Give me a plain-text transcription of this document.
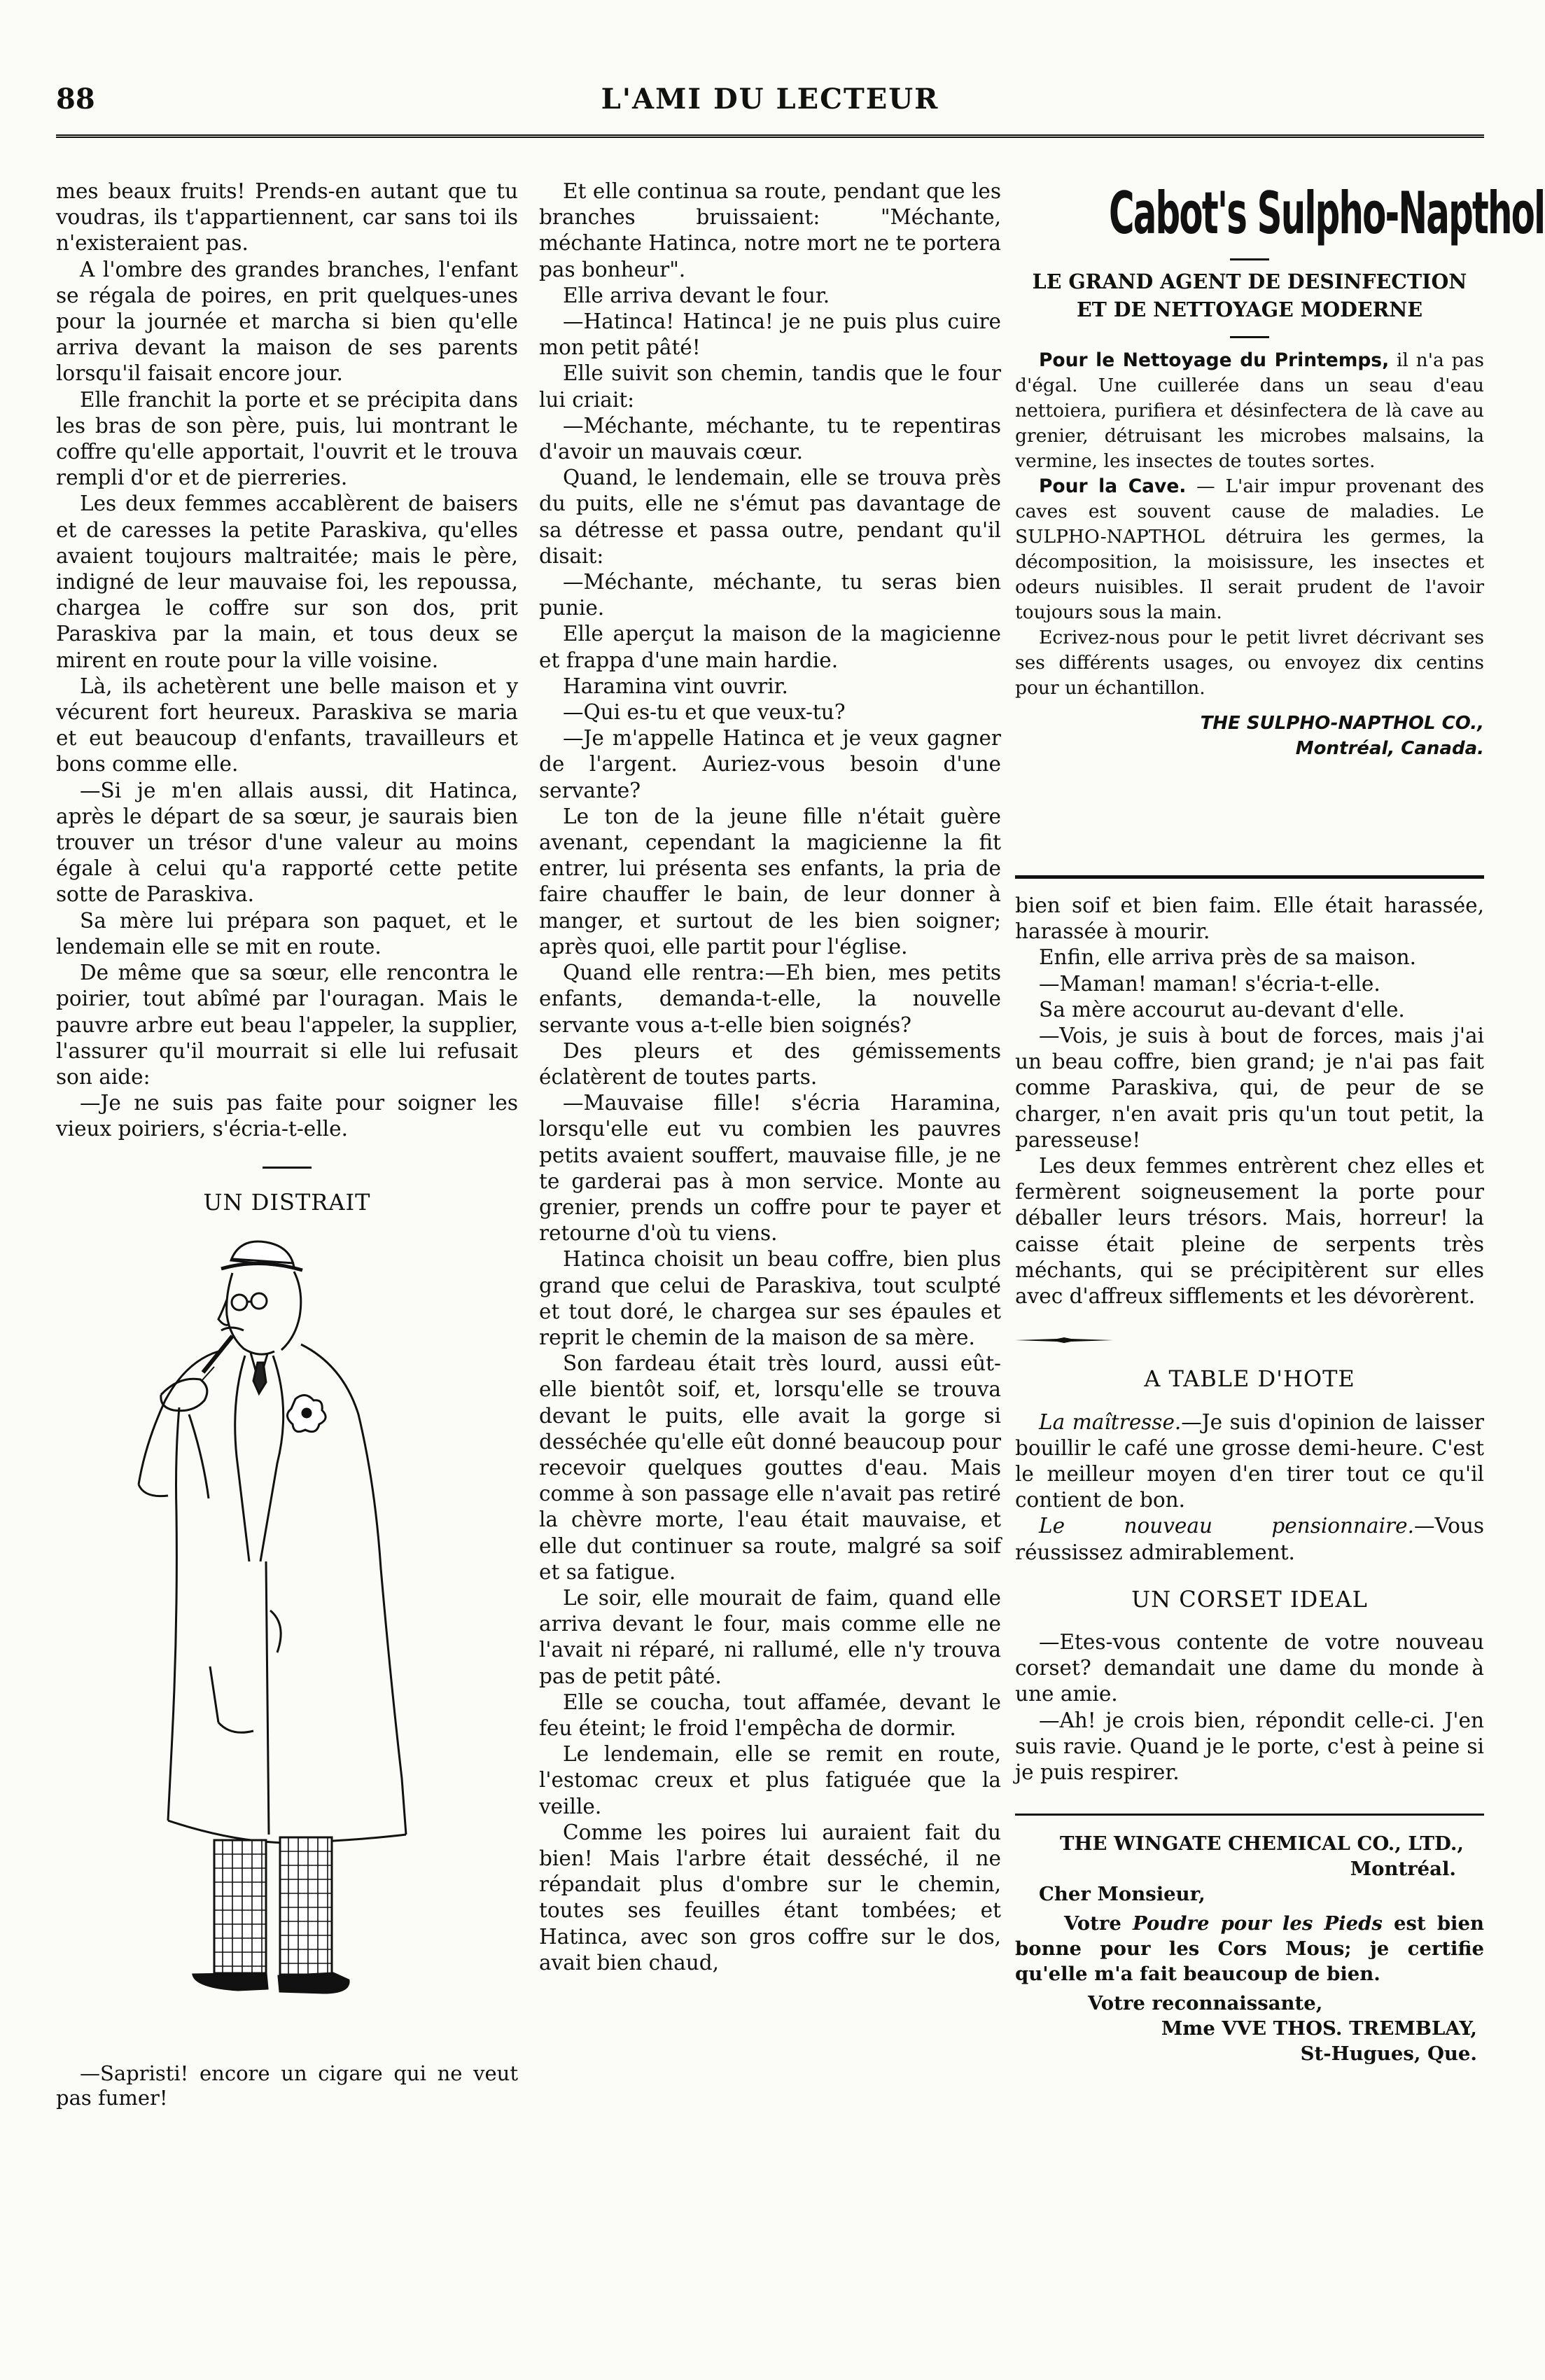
88	L'AMI DU LECTEUR

mes beaux fruits! Prends-en autant que tu voudras, ils t'appartiennent, car sans toi ils n'existeraient pas.

A l'ombre des grandes branches, l'enfant se régala de poires, en prit quelques-unes pour la journée et marcha si bien qu'elle arriva devant la maison de ses parents lorsqu'il faisait encore jour.

Elle franchit la porte et se précipita dans les bras de son père, puis, lui montrant le coffre qu'elle apportait, l'ouvrit et le trouva rempli d'or et de pierreries.

Les deux femmes accablèrent de baisers et de caresses la petite Paraskiva, qu'elles avaient toujours maltraitée; mais le père, indigné de leur mauvaise foi, les repoussa, chargea le coffre sur son dos, prit Paraskiva par la main, et tous deux se mirent en route pour la ville voisine.

Là, ils achetèrent une belle maison et y vécurent fort heureux. Paraskiva se maria et eut beaucoup d'enfants, travailleurs et bons comme elle.

—Si je m'en allais aussi, dit Hatinca, après le départ de sa sœur, je saurais bien trouver un trésor d'une valeur au moins égale à celui qu'a rapporté cette petite sotte de Paraskiva.

Sa mère lui prépara son paquet, et le lendemain elle se mit en route.

De même que sa sœur, elle rencontra le poirier, tout abîmé par l'ouragan. Mais le pauvre arbre eut beau l'appeler, la supplier, l'assurer qu'il mourrait si elle lui refusait son aide:

—Je ne suis pas faite pour soigner les vieux poiriers, s'écria-t-elle.

UN DISTRAIT
—Sapristi! encore un cigare qui ne veut pas fumer!

Et elle continua sa route, pendant que les branches bruissaient: "Méchante, méchante Hatinca, notre mort ne te portera pas bonheur".

Elle arriva devant le four.

—Hatinca! Hatinca! je ne puis plus cuire mon petit pâté!

Elle suivit son chemin, tandis que le four lui criait:

—Méchante, méchante, tu te repentiras d'avoir un mauvais cœur.

Quand, le lendemain, elle se trouva près du puits, elle ne s'émut pas davantage de sa détresse et passa outre, pendant qu'il disait:

—Méchante, méchante, tu seras bien punie.

Elle aperçut la maison de la magicienne et frappa d'une main hardie.

Haramina vint ouvrir.

—Qui es-tu et que veux-tu?

—Je m'appelle Hatinca et je veux gagner de l'argent. Auriez-vous besoin d'une servante?

Le ton de la jeune fille n'était guère avenant, cependant la magicienne la fit entrer, lui présenta ses enfants, la pria de faire chauffer le bain, de leur donner à manger, et surtout de les bien soigner; après quoi, elle partit pour l'église.

Quand elle rentra:—Eh bien, mes petits enfants, demanda-t-elle, la nouvelle servante vous a-t-elle bien soignés?

Des pleurs et des gémissements éclatèrent de toutes parts.

—Mauvaise fille! s'écria Haramina, lorsqu'elle eut vu combien les pauvres petits avaient souffert, mauvaise fille, je ne te garderai pas à mon service. Monte au grenier, prends un coffre pour te payer et retourne d'où tu viens.

Hatinca choisit un beau coffre, bien plus grand que celui de Paraskiva, tout sculpté et tout doré, le chargea sur ses épaules et reprit le chemin de la maison de sa mère.

Son fardeau était très lourd, aussi eût-elle bientôt soif, et, lorsqu'elle se trouva devant le puits, elle avait la gorge si desséchée qu'elle eût donné beaucoup pour recevoir quelques gouttes d'eau. Mais comme à son passage elle n'avait pas retiré la chèvre morte, l'eau était mauvaise, et elle dut continuer sa route, malgré sa soif et sa fatigue.

Le soir, elle mourait de faim, quand elle arriva devant le four, mais comme elle ne l'avait ni réparé, ni rallumé, elle n'y trouva pas de petit pâté.

Elle se coucha, tout affamée, devant le feu éteint; le froid l'empêcha de dormir.

Le lendemain, elle se remit en route, l'estomac creux et plus fatiguée que la veille.

Comme les poires lui auraient fait du bien! Mais l'arbre était desséché, il ne répandait plus d'ombre sur le chemin, toutes ses feuilles étant tombées; et Hatinca, avec son gros coffre sur le dos, avait bien chaud,

Cabot's Sulpho-Napthol
LE GRAND AGENT DE DESINFECTION ET DE NETTOYAGE MODERNE

Pour le Nettoyage du Printemps, il n'a pas d'égal. Une cuillerée dans un seau d'eau nettoiera, purifiera et désinfectera de là cave au grenier, détruisant les microbes malsains, la vermine, les insectes de toutes sortes.

Pour la Cave. — L'air impur provenant des caves est souvent cause de maladies. Le SULPHO-NAPTHOL détruira les germes, la décomposition, la moisissure, les insectes et odeurs nuisibles. Il serait prudent de l'avoir toujours sous la main.

Ecrivez-nous pour le petit livret décrivant ses ses différents usages, ou envoyez dix centins pour un échantillon.

THE SULPHO-NAPTHOL CO.,
Montréal, Canada.

bien soif et bien faim. Elle était harassée, harassée à mourir.

Enfin, elle arriva près de sa maison.

—Maman! maman! s'écria-t-elle.

Sa mère accourut au-devant d'elle.

—Vois, je suis à bout de forces, mais j'ai un beau coffre, bien grand; je n'ai pas fait comme Paraskiva, qui, de peur de se charger, n'en avait pris qu'un tout petit, la paresseuse!

Les deux femmes entrèrent chez elles et fermèrent soigneusement la porte pour déballer leurs trésors. Mais, horreur! la caisse était pleine de serpents très méchants, qui se précipitèrent sur elles avec d'affreux sifflements et les dévorèrent.

A TABLE D'HOTE

La maîtresse.—Je suis d'opinion de laisser bouillir le café une grosse demi-heure. C'est le meilleur moyen d'en tirer tout ce qu'il contient de bon.

Le nouveau pensionnaire.—Vous réussissez admirablement.

UN CORSET IDEAL

—Etes-vous contente de votre nouveau corset? demandait une dame du monde à une amie.

—Ah! je crois bien, répondit celle-ci. J'en suis ravie. Quand je le porte, c'est à peine si je puis respirer.

THE WINGATE CHEMICAL CO., LTD.,

Montréal.

Cher Monsieur,

Votre Poudre pour les Pieds est bien bonne pour les Cors Mous; je certifie qu'elle m'a fait beaucoup de bien.

Votre reconnaissante,

Mme VVE THOS. TREMBLAY,

St-Hugues, Que.
